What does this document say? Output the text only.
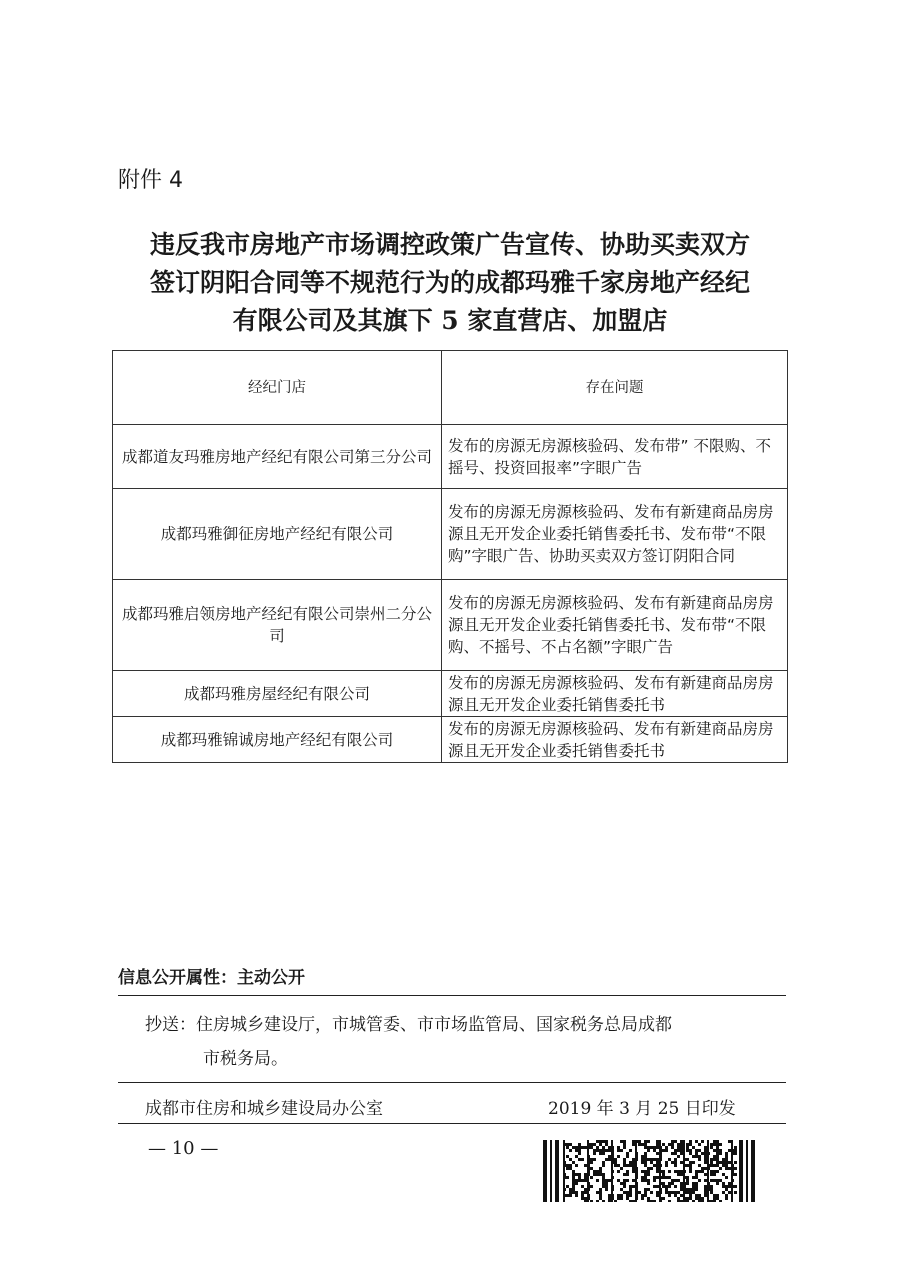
附件 4
违反我市房地产市场调控政策广告宣传、协助买卖双方
签订阴阳合同等不规范行为的成都玛雅千家房地产经纪
有限公司及其旗下 5 家直营店、加盟店
经纪门店	存在问题
成都道友玛雅房地产经纪有限公司第三分公司	发布的房源无房源核验码、发布带” 不限购、不摇号、投资回报率”字眼广告
成都玛雅御征房地产经纪有限公司	发布的房源无房源核验码、发布有新建商品房房源且无开发企业委托销售委托书、发布带“不限购”字眼广告、协助买卖双方签订阴阳合同
成都玛雅启领房地产经纪有限公司崇州二分公司	发布的房源无房源核验码、发布有新建商品房房源且无开发企业委托销售委托书、发布带“不限购、不摇号、不占名额”字眼广告
成都玛雅房屋经纪有限公司	发布的房源无房源核验码、发布有新建商品房房源且无开发企业委托销售委托书
成都玛雅锦诚房地产经纪有限公司	发布的房源无房源核验码、发布有新建商品房房源且无开发企业委托销售委托书
信息公开属性：主动公开
抄送：住房城乡建设厅，市城管委、市市场监管局、国家税务总局成都
市税务局。
成都市住房和城乡建设局办公室	2019 年 3 月 25 日印发
— 10 —
